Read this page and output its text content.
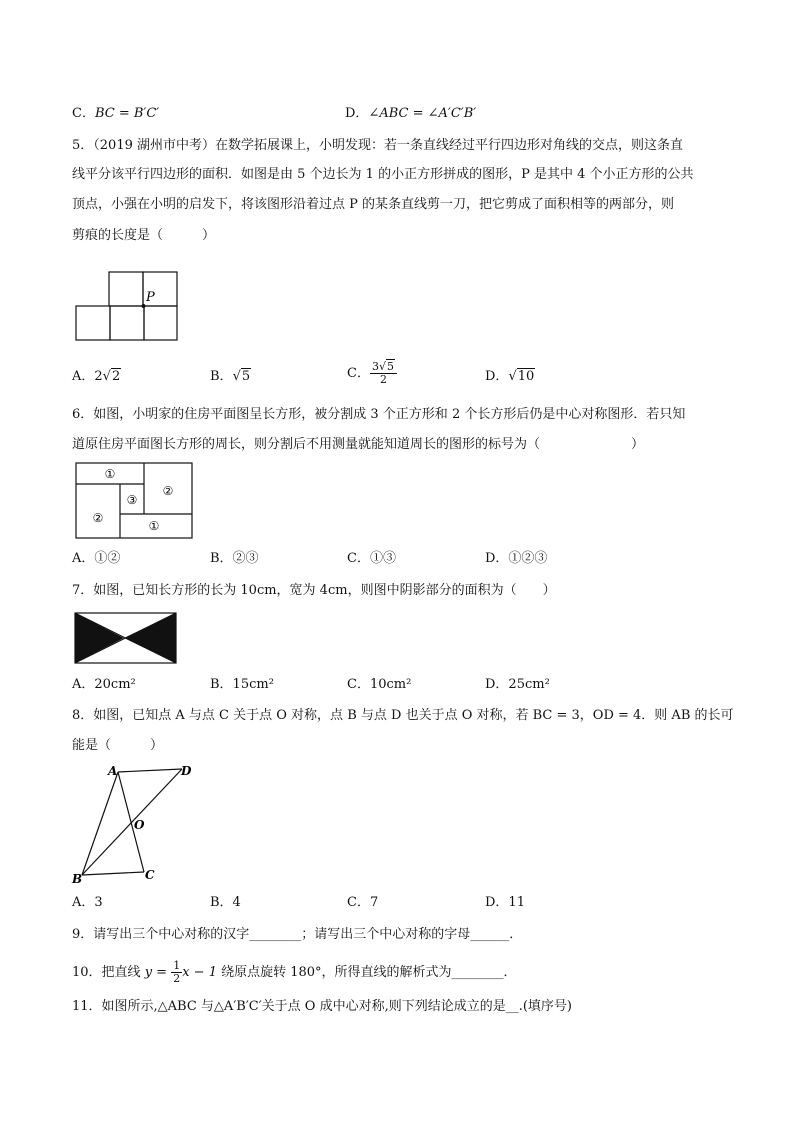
C．BC = B′C′	D．∠ABC = ∠A′C′B′
5．（2019 湖州市中考）在数学拓展课上，小明发现：若一条直线经过平行四边形对角线的交点，则这条直
线平分该平行四边形的面积．如图是由 5 个边长为 1 的小正方形拼成的图形，P 是其中 4 个小正方形的公共
顶点，小强在小明的启发下，将该图形沿着过点 P 的某条直线剪一刀，把它剪成了面积相等的两部分，则
剪痕的长度是（　　　）
P
A．2√2	B．√5	C． $\frac{3√5}{2}$	D．√10
6．如图，小明家的住房平面图呈长方形，被分割成 3 个正方形和 2 个长方形后仍是中心对称图形．若只知
道原住房平面图长方形的周长，则分割后不用测量就能知道周长的图形的标号为（　　　　　　　）
①
②
③
②
①
A．①②	B．②③	C．①③	D．①②③
7．如图，已知长方形的长为 10cm，宽为 4cm，则图中阴影部分的面积为（　　）
A．20cm²	B．15cm²	C．10cm²	D．25cm²
8．如图，已知点 A 与点 C 关于点 O 对称，点 B 与点 D 也关于点 O 对称，若 BC = 3，OD = 4．则 AB 的长可
能是（　　　）
A	D
O
B	C
A．3	B．4	C．7	D．11
9．请写出三个中心对称的汉字________；请写出三个中心对称的字母______．
10．把直线 $y = \frac{1}{2}$ x − 1 绕原点旋转 180°，所得直线的解析式为________．
11．如图所示,△ABC 与△A′B′C′关于点 O 成中心对称,则下列结论成立的是__.(填序号)
